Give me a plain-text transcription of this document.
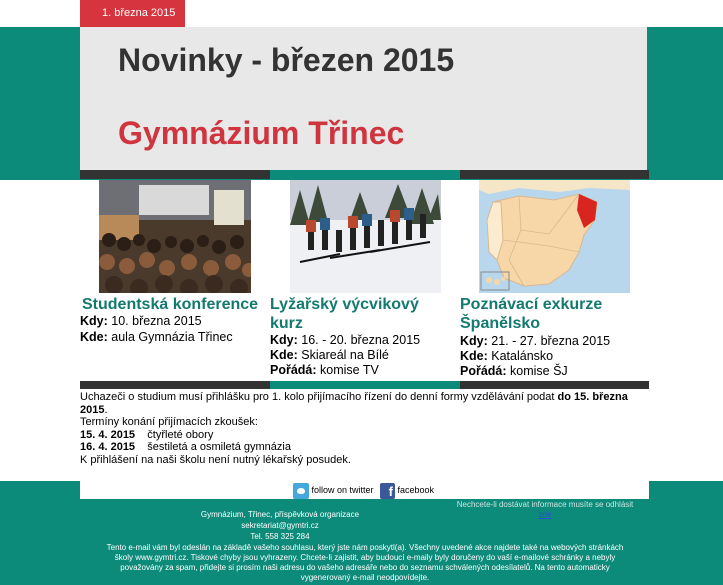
1. března 2015
Novinky - březen 2015
Gymnázium Třinec
Studentská konference
Kdy: 10. března 2015
Kde: aula Gymnázia Třinec
Lyžařský výcvikový
kurz
Kdy: 16. - 20. března 2015
Kde: Skiareál na Bílé
Pořádá: komise TV
Poznávací exkurze
Španělsko
Kdy: 21. - 27. března 2015
Kde: Katalánsko
Pořádá: komise ŠJ

Uchazeči o studium musí přihlášku pro 1. kolo přijímacího řízení do denní formy vzdělávání podat do 15. března 2015.

Termíny konání přijímacích zkoušek:

15. 4. 2015 čtyřleté obory

16. 4. 2015 šestiletá a osmiletá gymnázia

K přihlášení na naši školu není nutný lékařský posudek.

follow on twitter	f facebook
Gymnázium, Třinec, příspěvková organizace
sekretariat@gymtri.cz
Tel. 558 325 284
Nechcete-li dostávat informace musíte se odhlásit zde
Tento e-mail vám byl odeslán na základě vašeho souhlasu, který jste nám poskytl(a). Všechny uvedené akce najdete také na webových stránkách školy www.gymtri.cz. Tiskové chyby jsou vyhrazeny. Chcete-li zajistit, aby budoucí e-maily byly doručeny do vaší e-mailové schránky a nebyly považovány za spam, přidejte si prosím naši adresu do vašeho adresáře nebo do seznamu schválených odesílatelů. Na tento automaticky vygenerovaný e-mail neodpovídejte.
